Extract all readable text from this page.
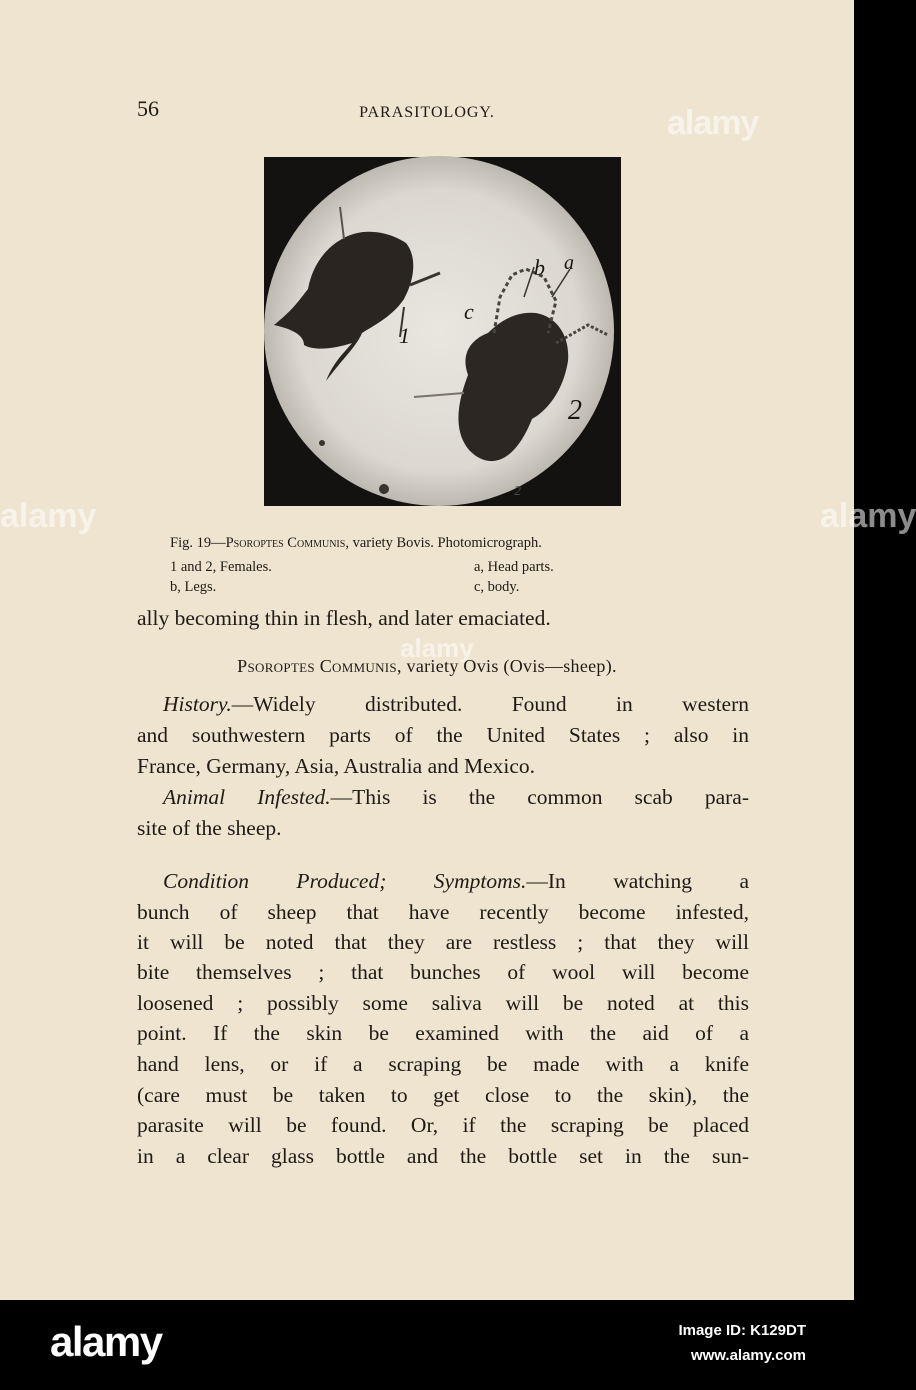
56	PARASITOLOGY.
1
2
2
b a
c
Fig. 19—Psoroptes Communis, variety Bovis. Photomicrograph.
1 and 2, Females.	a, Head parts.
b, Legs.	c, body.
ally becoming thin in flesh, and later emaciated.
Psoroptes Communis, variety Ovis (Ovis—sheep).
History.—Widely distributed. Found in western
and southwestern parts of the United States ; also in
France, Germany, Asia, Australia and Mexico.
Animal Infested.—This is the common scab para-
site of the sheep.
Condition Produced; Symptoms.—In watching a
bunch of sheep that have recently become infested,
it will be noted that they are restless ; that they will
bite themselves ; that bunches of wool will become
loosened ; possibly some saliva will be noted at this
point. If the skin be examined with the aid of a
hand lens, or if a scraping be made with a knife
(care must be taken to get close to the skin), the
parasite will be found. Or, if the scraping be placed
in a clear glass bottle and the bottle set in the sun-
alamy
alamy
alamy
alamy
alamy	Image ID: K129DT
www.alamy.com
